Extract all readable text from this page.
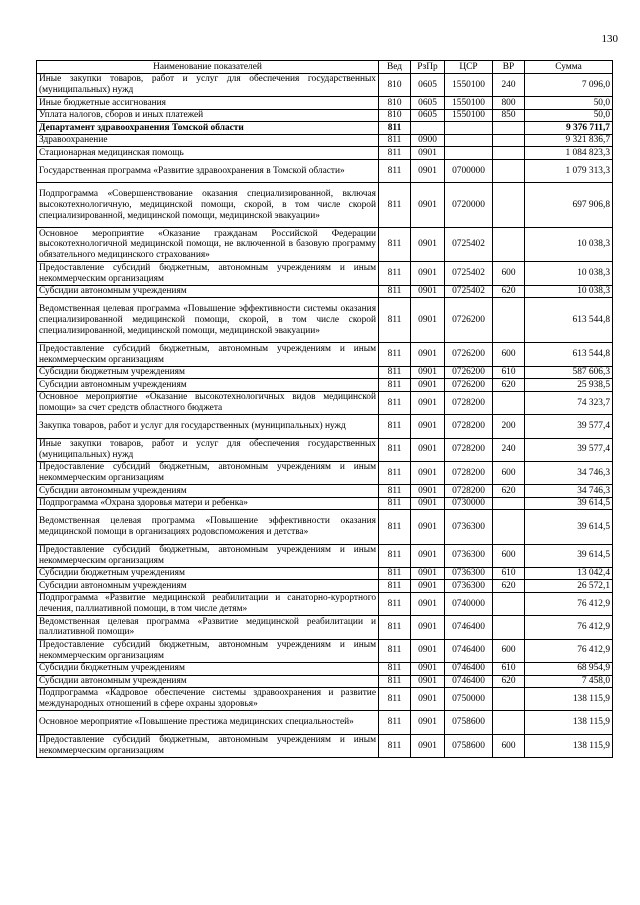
130
Наименование показателей	Вед	РзПр	ЦСР	ВР	Сумма
Иные закупки товаров, работ и услуг для обеспечения государственных (муниципальных) нужд	810	0605	1550100	240	7 096,0
Иные бюджетные ассигнования	810	0605	1550100	800	50,0
Уплата налогов, сборов и иных платежей	810	0605	1550100	850	50,0
Департамент здравоохранения Томской области	811				9 376 711,7
Здравоохранение	811	0900			9 321 836,7
Стационарная медицинская помощь	811	0901			1 084 823,3
Государственная программа «Развитие здравоохранения в Томской области»	811	0901	0700000		1 079 313,3
Подпрограмма «Совершенствование оказания специализированной, включая высокотехнологичную, медицинской помощи, скорой, в том числе скорой специализированной, медицинской помощи, медицинской эвакуации»	811	0901	0720000		697 906,8
Основное мероприятие «Оказание гражданам Российской Федерации высокотехнологичной медицинской помощи, не включенной в базовую программу обязательного медицинского страхования»	811	0901	0725402		10 038,3
Предоставление субсидий бюджетным, автономным учреждениям и иным некоммерческим организациям	811	0901	0725402	600	10 038,3
Субсидии автономным учреждениям	811	0901	0725402	620	10 038,3
Ведомственная целевая программа «Повышение эффективности системы оказания специализированной медицинской помощи, скорой, в том числе скорой специализированной, медицинской помощи, медицинской эвакуации»	811	0901	0726200		613 544,8
Предоставление субсидий бюджетным, автономным учреждениям и иным некоммерческим организациям	811	0901	0726200	600	613 544,8
Субсидии бюджетным учреждениям	811	0901	0726200	610	587 606,3
Субсидии автономным учреждениям	811	0901	0726200	620	25 938,5
Основное мероприятие «Оказание высокотехнологичных видов медицинской помощи» за счет средств областного бюджета	811	0901	0728200		74 323,7
Закупка товаров, работ и услуг для государственных (муниципальных) нужд	811	0901	0728200	200	39 577,4
Иные закупки товаров, работ и услуг для обеспечения государственных (муниципальных) нужд	811	0901	0728200	240	39 577,4
Предоставление субсидий бюджетным, автономным учреждениям и иным некоммерческим организациям	811	0901	0728200	600	34 746,3
Субсидии автономным учреждениям	811	0901	0728200	620	34 746,3
Подпрограмма «Охрана здоровья матери и ребенка»	811	0901	0730000		39 614,5
Ведомственная целевая программа «Повышение эффективности оказания медицинской помощи в организациях родовспоможения и детства»	811	0901	0736300		39 614,5
Предоставление субсидий бюджетным, автономным учреждениям и иным некоммерческим организациям	811	0901	0736300	600	39 614,5
Субсидии бюджетным учреждениям	811	0901	0736300	610	13 042,4
Субсидии автономным учреждениям	811	0901	0736300	620	26 572,1
Подпрограмма «Развитие медицинской реабилитации и санаторно-курортного лечения, паллиативной помощи, в том числе детям»	811	0901	0740000		76 412,9
Ведомственная целевая программа «Развитие медицинской реабилитации и паллиативной помощи»	811	0901	0746400		76 412,9
Предоставление субсидий бюджетным, автономным учреждениям и иным некоммерческим организациям	811	0901	0746400	600	76 412,9
Субсидии бюджетным учреждениям	811	0901	0746400	610	68 954,9
Субсидии автономным учреждениям	811	0901	0746400	620	7 458,0
Подпрограмма «Кадровое обеспечение системы здравоохранения и развитие международных отношений в сфере охраны здоровья»	811	0901	0750000		138 115,9
Основное мероприятие «Повышение престижа медицинских специальностей»	811	0901	0758600		138 115,9
Предоставление субсидий бюджетным, автономным учреждениям и иным некоммерческим организациям	811	0901	0758600	600	138 115,9
